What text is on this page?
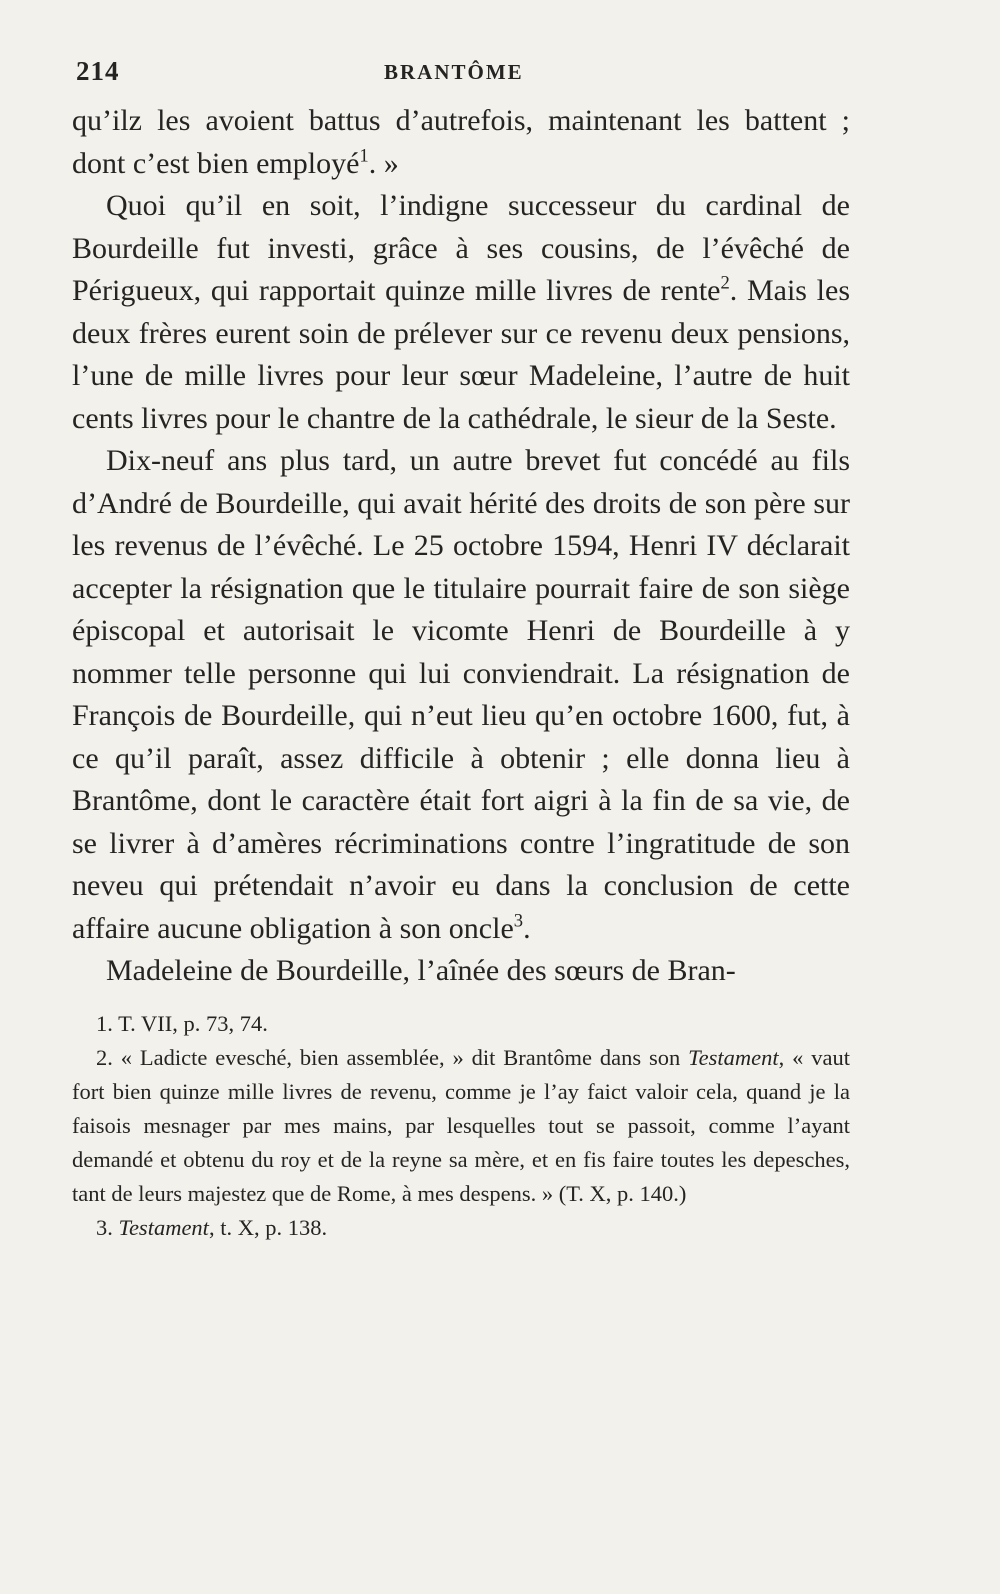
214	BRANTÔME

qu’ilz les avoient battus d’autrefois, maintenant les battent ; dont c’est bien employé$^1$. »

Quoi qu’il en soit, l’indigne successeur du cardinal de Bourdeille fut investi, grâce à ses cousins, de l’évêché de Périgueux, qui rapportait quinze mille livres de rente$^2$. Mais les deux frères eurent soin de prélever sur ce revenu deux pensions, l’une de mille livres pour leur sœur Madeleine, l’autre de huit cents livres pour le chantre de la cathédrale, le sieur de la Seste.

Dix-neuf ans plus tard, un autre brevet fut concédé au fils d’André de Bourdeille, qui avait hérité des droits de son père sur les revenus de l’évêché. Le 25 octobre 1594, Henri IV déclarait accepter la résignation que le titulaire pourrait faire de son siège épiscopal et autorisait le vicomte Henri de Bourdeille à y nommer telle personne qui lui conviendrait. La résignation de François de Bourdeille, qui n’eut lieu qu’en octobre 1600, fut, à ce qu’il paraît, assez difficile à obtenir ; elle donna lieu à Brantôme, dont le caractère était fort aigri à la fin de sa vie, de se livrer à d’amères récriminations contre l’ingratitude de son neveu qui prétendait n’avoir eu dans la conclusion de cette affaire aucune obligation à son oncle$^3$.

Madeleine de Bourdeille, l’aînée des sœurs de Bran-

1. T. VII, p. 73, 74.

2. « Ladicte evesché, bien assemblée, » dit Brantôme dans son Testament, « vaut fort bien quinze mille livres de revenu, comme je l’ay faict valoir cela, quand je la faisois mesnager par mes mains, par lesquelles tout se passoit, comme l’ayant demandé et obtenu du roy et de la reyne sa mère, et en fis faire toutes les depesches, tant de leurs majestez que de Rome, à mes despens. » (T. X, p. 140.)

3. Testament, t. X, p. 138.
